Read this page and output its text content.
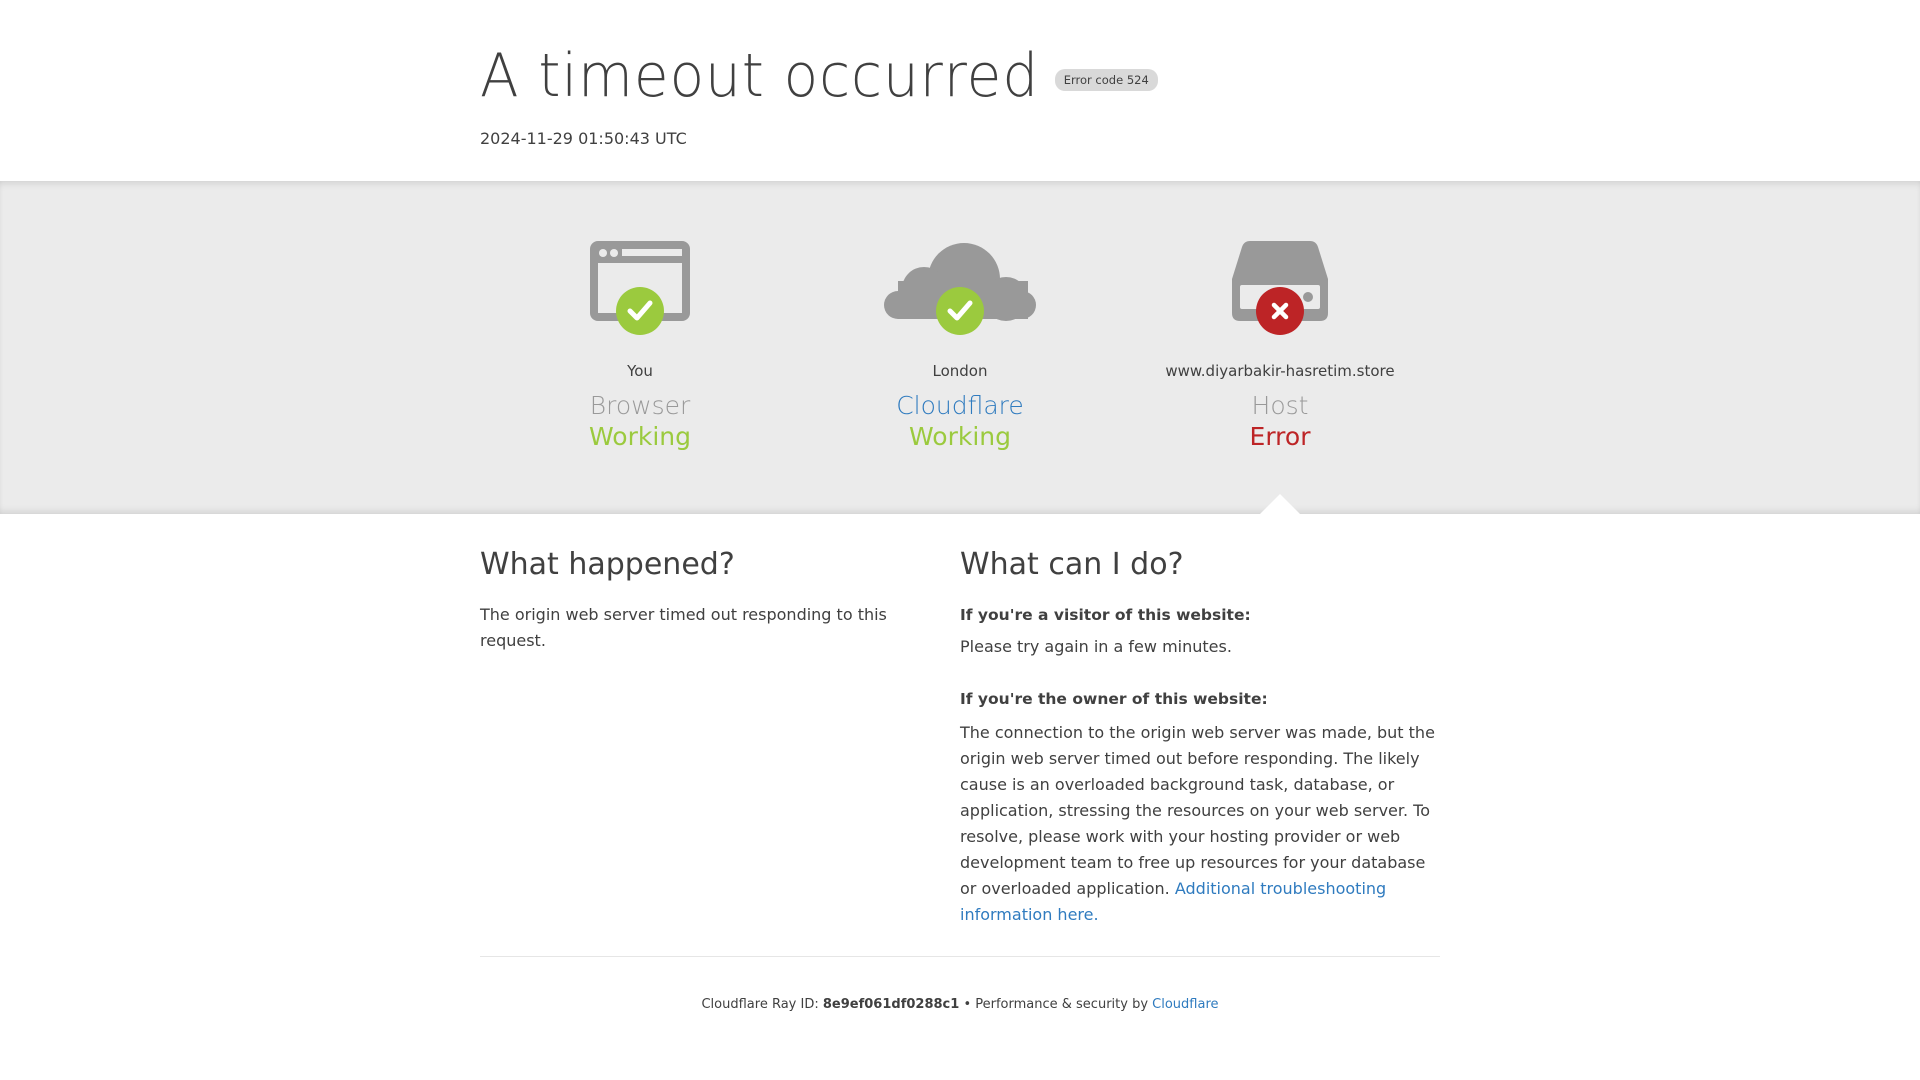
A timeout occurred	Error code 524
2024-11-29 01:50:43 UTC
You
Browser
Working
London
Cloudflare
Working
www.diyarbakir-hasretim.store
Host
Error
What happened?

The origin web server timed out responding to this request.

What can I do?

If you're a visitor of this website:

Please try again in a few minutes.

If you're the owner of this website:

The connection to the origin web server was made, but the origin web server timed out before responding. The likely cause is an overloaded background task, database, or application, stressing the resources on your web server. To resolve, please work with your hosting provider or web development team to free up resources for your database or overloaded application. Additional troubleshooting information here.

Cloudflare Ray ID: 8e9ef061df0288c1 • Performance & security by Cloudflare
